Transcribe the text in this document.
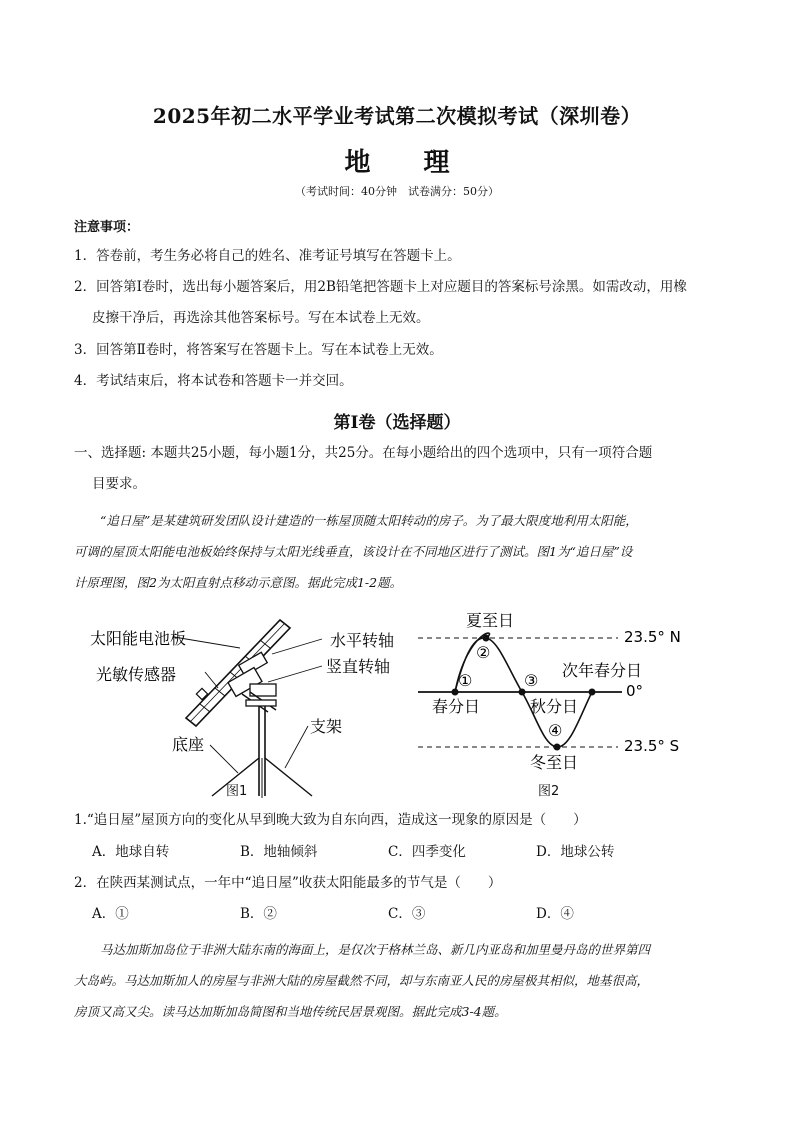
2025年初二水平学业考试第二次模拟考试（深圳卷）
地 理
（考试时间：40分钟　试卷满分：50分）
注意事项：
1．答卷前，考生务必将自己的姓名、准考证号填写在答题卡上。
2．回答第Ⅰ卷时，选出每小题答案后，用2B铅笔把答题卡上对应题目的答案标号涂黑。如需改动，用橡
皮擦干净后，再选涂其他答案标号。写在本试卷上无效。
3．回答第Ⅱ卷时，将答案写在答题卡上。写在本试卷上无效。
4．考试结束后，将本试卷和答题卡一并交回。
第Ⅰ卷（选择题）
一、选择题: 本题共25小题，每小题1分，共25分。在每小题给出的四个选项中，只有一项符合题
目要求。
“追日屋”是某建筑研发团队设计建造的一栋屋顶随太阳转动的房子。为了最大限度地利用太阳能，
可调的屋顶太阳能电池板始终保持与太阳光线垂直，该设计在不同地区进行了测试。图1为“追日屋”设
计原理图，图2为太阳直射点移动示意图。据此完成1-2题。
太阳能电池板
光敏传感器
水平转轴
竖直转轴
支架
底座
图1
夏至日
23.5° N
次年春分日
0°
春分日	秋分日
23.5° S
冬至日
①
②
③
④
图2
1.“追日屋”屋顶方向的变化从早到晚大致为自东向西，造成这一现象的原因是（　　）
A．地球自转	B．地轴倾斜	C．四季变化	D．地球公转
2．在陕西某测试点，一年中“追日屋”收获太阳能最多的节气是（　　）
A．①	B．②	C．③	D．④
马达加斯加岛位于非洲大陆东南的海面上，是仅次于格林兰岛、新几内亚岛和加里曼丹岛的世界第四
大岛屿。马达加斯加人的房屋与非洲大陆的房屋截然不同，却与东南亚人民的房屋极其相似，地基很高，
房顶又高又尖。读马达加斯加岛简图和当地传统民居景观图。据此完成3-4题。
